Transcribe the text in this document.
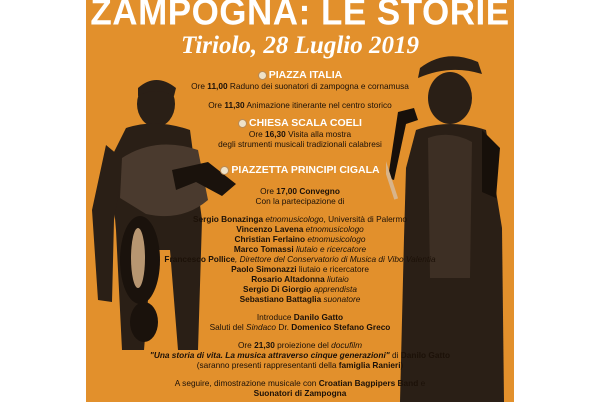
ZAMPOGNA: LE STORIE
Tiriolo, 28 Luglio 2019
PIAZZA ITALIA
Ore 11,00 Raduno dei suonatori di zampogna e cornamusa
Ore 11,30 Animazione itinerante nel centro storico
CHIESA SCALA COELI
Ore 16,30 Visita alla mostra
degli strumenti musicali tradizionali calabresi
PIAZZETTA PRINCIPI CIGALA
Ore 17,00 Convegno
Con la partecipazione di
Sergio Bonazinga etnomusicologo, Università di Palermo
Vincenzo Lavena etnomusicologo
Christian Ferlaino etnomusicologo
Marco Tomassi liutaio e ricercatore
Francesco Pollice, Direttore del Conservatorio di Musica di Vibo Valentia
Paolo Simonazzi liutaio e ricercatore
Rosario Altadonna liutaio
Sergio Di Giorgio apprendista
Sebastiano Battaglia suonatore
Introduce Danilo Gatto
Saluti del Sindaco Dr. Domenico Stefano Greco
Ore 21,30 proiezione del docufilm
"Una storia di vita. La musica attraverso cinque generazioni" di Danilo Gatto
(saranno presenti rappresentanti della famiglia Ranieri)
A seguire, dimostrazione musicale con Croatian Bagpipers Band e
Suonatori di Zampogna
